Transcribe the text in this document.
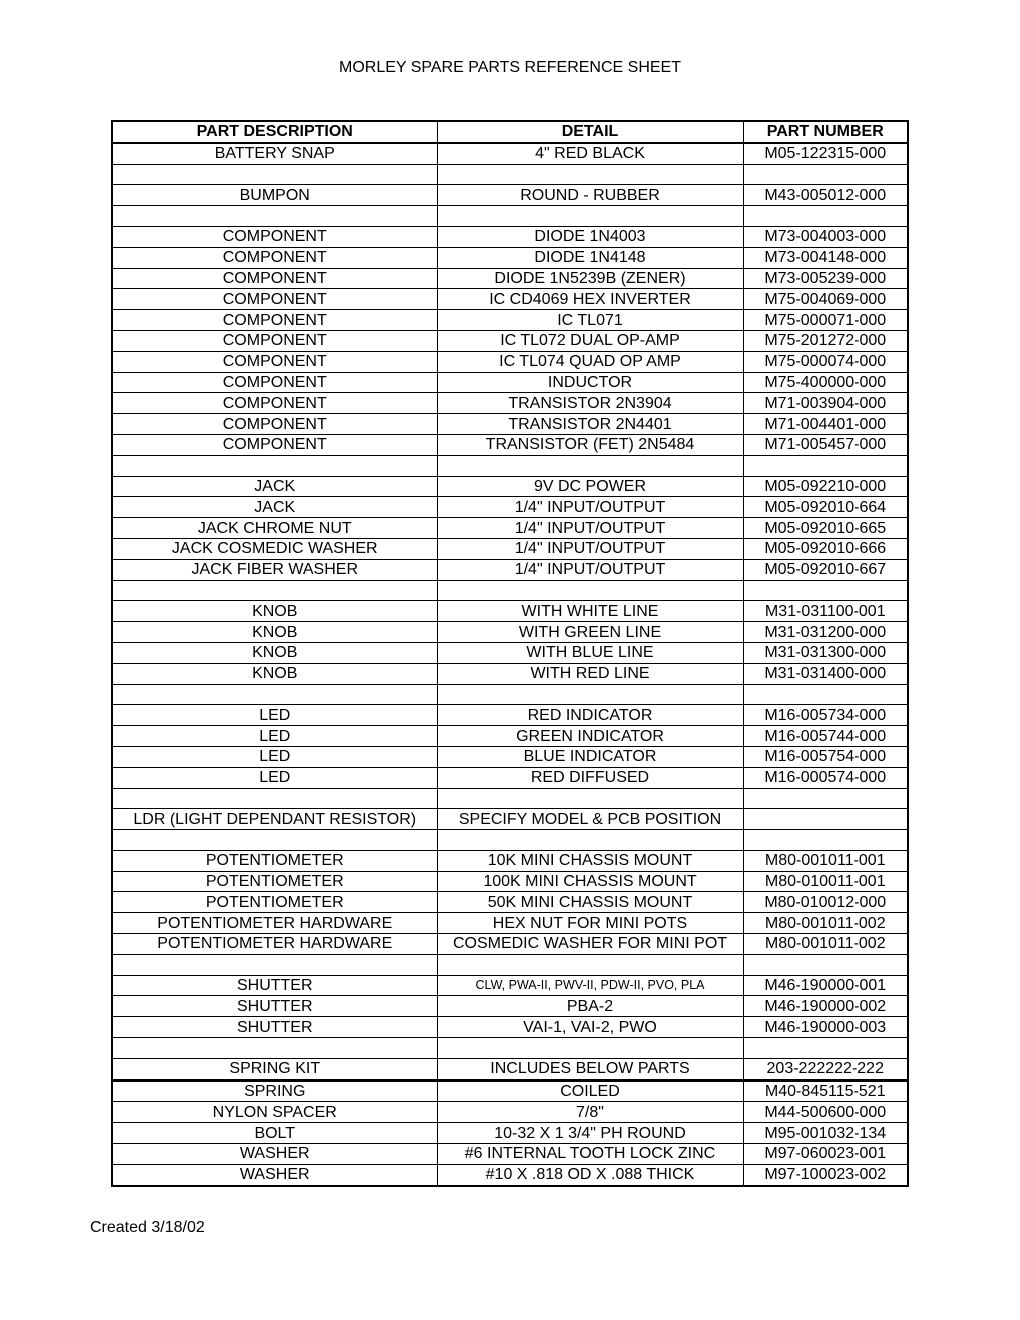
MORLEY SPARE PARTS REFERENCE SHEET
PART DESCRIPTION	DETAIL	PART NUMBER
BATTERY SNAP	4" RED BLACK	M05-122315-000

BUMPON	ROUND - RUBBER	M43-005012-000

COMPONENT	DIODE 1N4003	M73-004003-000
COMPONENT	DIODE 1N4148	M73-004148-000
COMPONENT	DIODE 1N5239B (ZENER)	M73-005239-000
COMPONENT	IC CD4069 HEX INVERTER	M75-004069-000
COMPONENT	IC TL071	M75-000071-000
COMPONENT	IC TL072 DUAL OP-AMP	M75-201272-000
COMPONENT	IC TL074 QUAD OP AMP	M75-000074-000
COMPONENT	INDUCTOR	M75-400000-000
COMPONENT	TRANSISTOR 2N3904	M71-003904-000
COMPONENT	TRANSISTOR 2N4401	M71-004401-000
COMPONENT	TRANSISTOR (FET) 2N5484	M71-005457-000

JACK	9V DC POWER	M05-092210-000
JACK	1/4" INPUT/OUTPUT	M05-092010-664
JACK CHROME NUT	1/4" INPUT/OUTPUT	M05-092010-665
JACK COSMEDIC WASHER	1/4" INPUT/OUTPUT	M05-092010-666
JACK FIBER WASHER	1/4" INPUT/OUTPUT	M05-092010-667

KNOB	WITH WHITE LINE	M31-031100-001
KNOB	WITH GREEN LINE	M31-031200-000
KNOB	WITH BLUE LINE	M31-031300-000
KNOB	WITH RED LINE	M31-031400-000

LED	RED INDICATOR	M16-005734-000
LED	GREEN INDICATOR	M16-005744-000
LED	BLUE INDICATOR	M16-005754-000
LED	RED DIFFUSED	M16-000574-000

LDR (LIGHT DEPENDANT RESISTOR)	SPECIFY MODEL & PCB POSITION	

POTENTIOMETER	10K MINI CHASSIS MOUNT	M80-001011-001
POTENTIOMETER	100K MINI CHASSIS MOUNT	M80-010011-001
POTENTIOMETER	50K MINI CHASSIS MOUNT	M80-010012-000
POTENTIOMETER HARDWARE	HEX NUT FOR MINI POTS	M80-001011-002
POTENTIOMETER HARDWARE	COSMEDIC WASHER FOR MINI POT	M80-001011-002

SHUTTER	CLW, PWA-II, PWV-II, PDW-II, PVO, PLA	M46-190000-001
SHUTTER	PBA-2	M46-190000-002
SHUTTER	VAI-1, VAI-2, PWO	M46-190000-003

SPRING KIT	INCLUDES BELOW PARTS	203-222222-222
SPRING	COILED	M40-845115-521
NYLON SPACER	7/8"	M44-500600-000
BOLT	10-32 X 1 3/4" PH ROUND	M95-001032-134
WASHER	#6 INTERNAL TOOTH LOCK ZINC	M97-060023-001
WASHER	#10 X .818 OD X .088 THICK	M97-100023-002
Created 3/18/02
